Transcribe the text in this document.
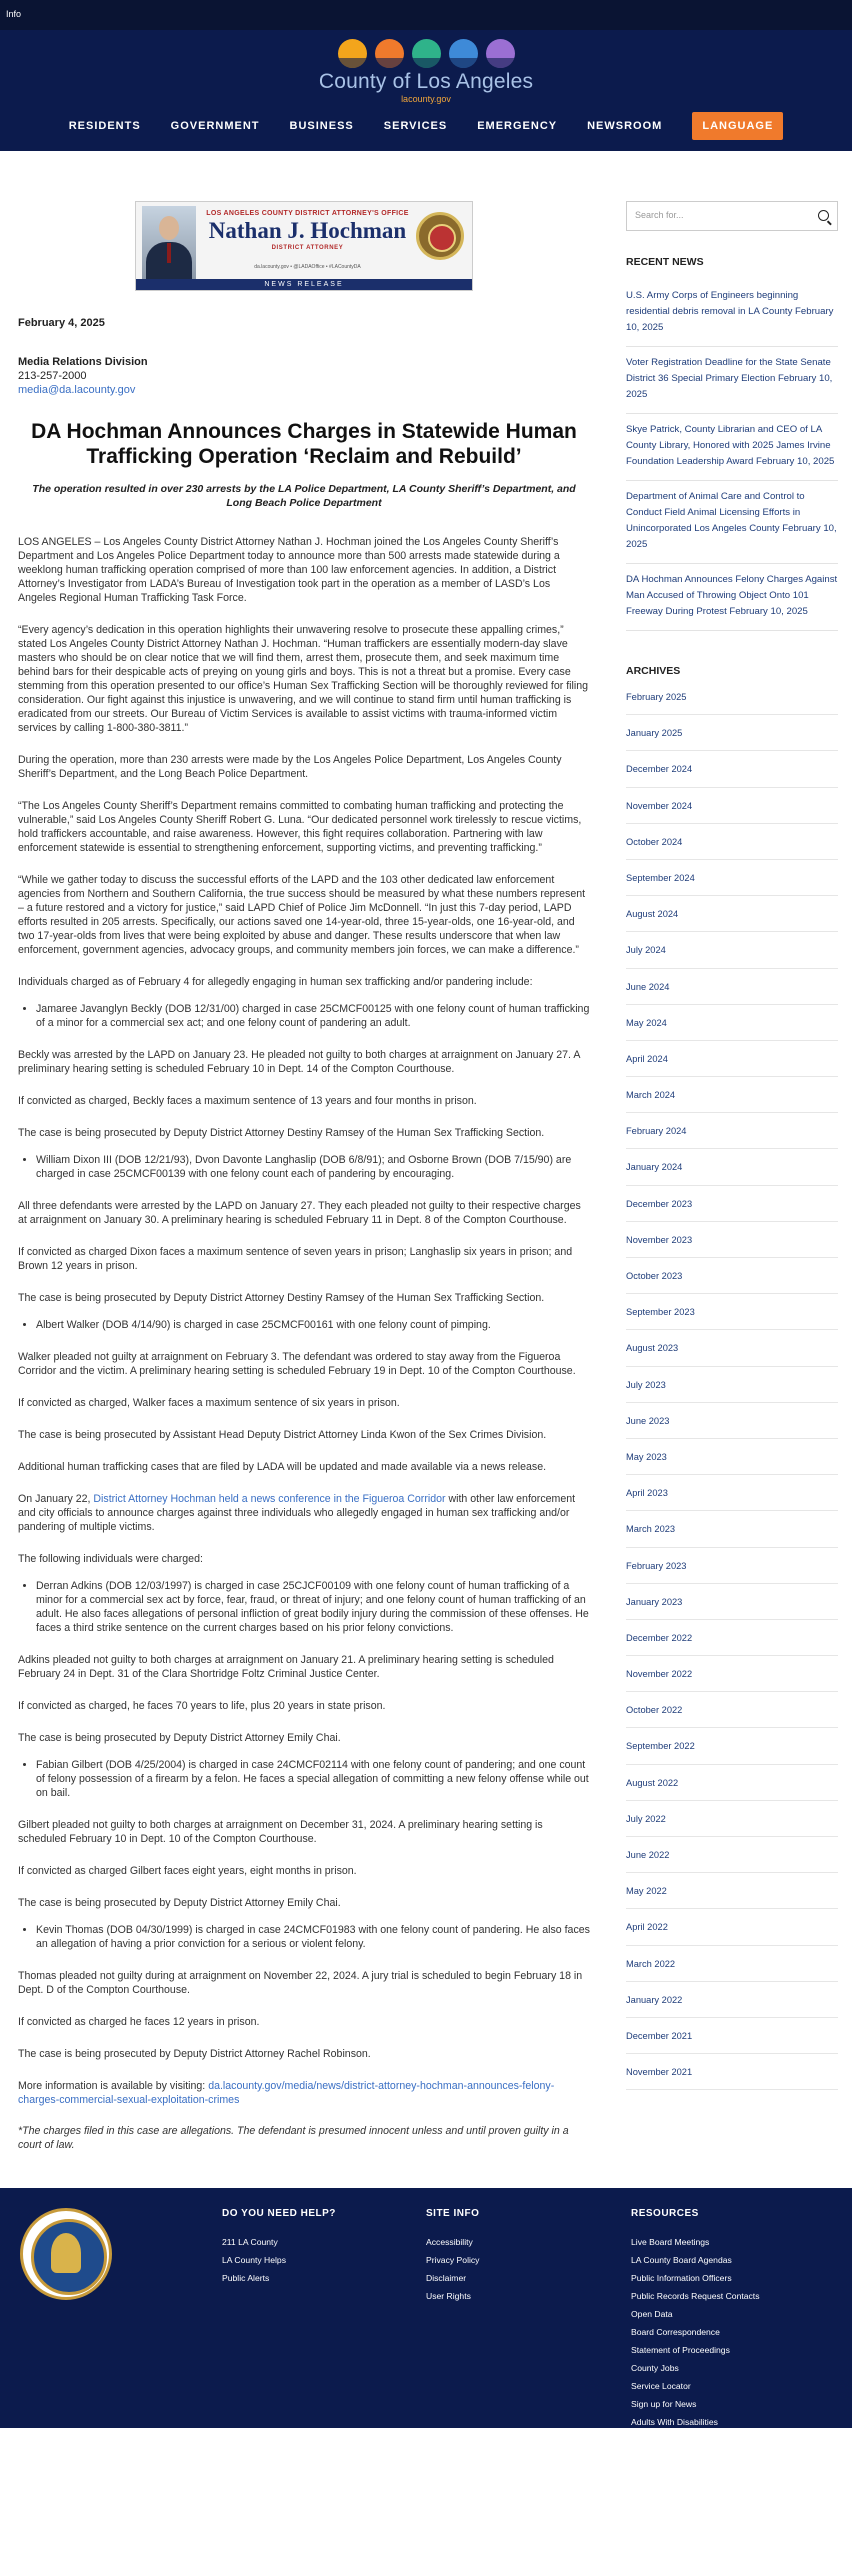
Info
County of Los Angeles
lacounty.gov
RESIDENTS	GOVERNMENT	BUSINESS	SERVICES	EMERGENCY	NEWSROOM	LANGUAGE
LOS ANGELES COUNTY DISTRICT ATTORNEY'S OFFICE
Nathan J. Hochman
DISTRICT ATTORNEY
da.lacounty.gov • @LADAOffice • #LACountyDA
NEWS RELEASE
February 4, 2025
Media Relations Division
213-257-2000
media@da.lacounty.gov
DA Hochman Announces Charges in Statewide Human Trafficking Operation ‘Reclaim and Rebuild’
The operation resulted in over 230 arrests by the LA Police Department, LA County Sheriff’s Department, and Long Beach Police Department

LOS ANGELES – Los Angeles County District Attorney Nathan J. Hochman joined the Los Angeles County Sheriff’s Department and Los Angeles Police Department today to announce more than 500 arrests made statewide during a weeklong human trafficking operation comprised of more than 100 law enforcement agencies. In addition, a District Attorney’s Investigator from LADA’s Bureau of Investigation took part in the operation as a member of LASD’s Los Angeles Regional Human Trafficking Task Force.

“Every agency’s dedication in this operation highlights their unwavering resolve to prosecute these appalling crimes,” stated Los Angeles County District Attorney Nathan J. Hochman. “Human traffickers are essentially modern-day slave masters who should be on clear notice that we will find them, arrest them, prosecute them, and seek maximum time behind bars for their despicable acts of preying on young girls and boys. This is not a threat but a promise. Every case stemming from this operation presented to our office’s Human Sex Trafficking Section will be thoroughly reviewed for filing consideration. Our fight against this injustice is unwavering, and we will continue to stand firm until human trafficking is eradicated from our streets. Our Bureau of Victim Services is available to assist victims with trauma-informed victim services by calling 1-800-380-3811.”

During the operation, more than 230 arrests were made by the Los Angeles Police Department, Los Angeles County Sheriff’s Department, and the Long Beach Police Department.

“The Los Angeles County Sheriff’s Department remains committed to combating human trafficking and protecting the vulnerable,” said Los Angeles County Sheriff Robert G. Luna. “Our dedicated personnel work tirelessly to rescue victims, hold traffickers accountable, and raise awareness. However, this fight requires collaboration. Partnering with law enforcement statewide is essential to strengthening enforcement, supporting victims, and preventing trafficking.”

“While we gather today to discuss the successful efforts of the LAPD and the 103 other dedicated law enforcement agencies from Northern and Southern California, the true success should be measured by what these numbers represent – a future restored and a victory for justice,” said LAPD Chief of Police Jim McDonnell. “In just this 7-day period, LAPD efforts resulted in 205 arrests. Specifically, our actions saved one 14-year-old, three 15-year-olds, one 16-year-old, and two 17-year-olds from lives that were being exploited by abuse and danger. These results underscore that when law enforcement, government agencies, advocacy groups, and community members join forces, we can make a difference.”

Individuals charged as of February 4 for allegedly engaging in human sex trafficking and/or pandering include:

• Jamaree Javanglyn Beckly (DOB 12/31/00) charged in case 25CMCF00125 with one felony count of human trafficking of a minor for a commercial sex act; and one felony count of pandering an adult.

Beckly was arrested by the LAPD on January 23. He pleaded not guilty to both charges at arraignment on January 27. A preliminary hearing setting is scheduled February 10 in Dept. 14 of the Compton Courthouse.

If convicted as charged, Beckly faces a maximum sentence of 13 years and four months in prison.

The case is being prosecuted by Deputy District Attorney Destiny Ramsey of the Human Sex Trafficking Section.

• William Dixon III (DOB 12/21/93), Dvon Davonte Langhaslip (DOB 6/8/91); and Osborne Brown (DOB 7/15/90) are charged in case 25CMCF00139 with one felony count each of pandering by encouraging.

All three defendants were arrested by the LAPD on January 27. They each pleaded not guilty to their respective charges at arraignment on January 30. A preliminary hearing is scheduled February 11 in Dept. 8 of the Compton Courthouse.

If convicted as charged Dixon faces a maximum sentence of seven years in prison; Langhaslip six years in prison; and Brown 12 years in prison.

The case is being prosecuted by Deputy District Attorney Destiny Ramsey of the Human Sex Trafficking Section.

• Albert Walker (DOB 4/14/90) is charged in case 25CMCF00161 with one felony count of pimping.

Walker pleaded not guilty at arraignment on February 3. The defendant was ordered to stay away from the Figueroa Corridor and the victim. A preliminary hearing setting is scheduled February 19 in Dept. 10 of the Compton Courthouse.

If convicted as charged, Walker faces a maximum sentence of six years in prison.

The case is being prosecuted by Assistant Head Deputy District Attorney Linda Kwon of the Sex Crimes Division.

Additional human trafficking cases that are filed by LADA will be updated and made available via a news release.

On January 22, District Attorney Hochman held a news conference in the Figueroa Corridor with other law enforcement and city officials to announce charges against three individuals who allegedly engaged in human sex trafficking and/or pandering of multiple victims.

The following individuals were charged:

• Derran Adkins (DOB 12/03/1997) is charged in case 25CJCF00109 with one felony count of human trafficking of a minor for a commercial sex act by force, fear, fraud, or threat of injury; and one felony count of human trafficking of an adult. He also faces allegations of personal infliction of great bodily injury during the commission of these offenses. He faces a third strike sentence on the current charges based on his prior felony convictions.

Adkins pleaded not guilty to both charges at arraignment on January 21. A preliminary hearing setting is scheduled February 24 in Dept. 31 of the Clara Shortridge Foltz Criminal Justice Center.

If convicted as charged, he faces 70 years to life, plus 20 years in state prison.

The case is being prosecuted by Deputy District Attorney Emily Chai.

• Fabian Gilbert (DOB 4/25/2004) is charged in case 24CMCF02114 with one felony count of pandering; and one count of felony possession of a firearm by a felon. He faces a special allegation of committing a new felony offense while out on bail.

Gilbert pleaded not guilty to both charges at arraignment on December 31, 2024. A preliminary hearing setting is scheduled February 10 in Dept. 10 of the Compton Courthouse.

If convicted as charged Gilbert faces eight years, eight months in prison.

The case is being prosecuted by Deputy District Attorney Emily Chai.

• Kevin Thomas (DOB 04/30/1999) is charged in case 24CMCF01983 with one felony count of pandering. He also faces an allegation of having a prior conviction for a serious or violent felony.

Thomas pleaded not guilty during at arraignment on November 22, 2024. A jury trial is scheduled to begin February 18 in Dept. D of the Compton Courthouse.

If convicted as charged he faces 12 years in prison.

The case is being prosecuted by Deputy District Attorney Rachel Robinson.

More information is available by visiting: da.lacounty.gov/media/news/district-attorney-hochman-announces-felony-charges-commercial-sexual-exploitation-crimes

*The charges filed in this case are allegations. The defendant is presumed innocent unless and until proven guilty in a court of law.

Search for...
RECENT NEWS
U.S. Army Corps of Engineers beginning residential debris removal in LA County February 10, 2025
Voter Registration Deadline for the State Senate District 36 Special Primary Election February 10, 2025
Skye Patrick, County Librarian and CEO of LA County Library, Honored with 2025 James Irvine Foundation Leadership Award February 10, 2025
Department of Animal Care and Control to Conduct Field Animal Licensing Efforts in Unincorporated Los Angeles County February 10, 2025
DA Hochman Announces Felony Charges Against Man Accused of Throwing Object Onto 101 Freeway During Protest February 10, 2025
ARCHIVES
February 2025
January 2025
December 2024
November 2024
October 2024
September 2024
August 2024
July 2024
June 2024
May 2024
April 2024
March 2024
February 2024
January 2024
December 2023
November 2023
October 2023
September 2023
August 2023
July 2023
June 2023
May 2023
April 2023
March 2023
February 2023
January 2023
December 2022
November 2022
October 2022
September 2022
August 2022
July 2022
June 2022
May 2022
April 2022
March 2022
January 2022
December 2021
November 2021
DO YOU NEED HELP?
211 LA County
LA County Helps
Public Alerts
SITE INFO
Accessibility
Privacy Policy
Disclaimer
User Rights
RESOURCES
Live Board Meetings
LA County Board Agendas
Public Information Officers
Public Records Request Contacts
Open Data
Board Correspondence
Statement of Proceedings
County Jobs
Service Locator
Sign up for News
Adults With Disabilities
